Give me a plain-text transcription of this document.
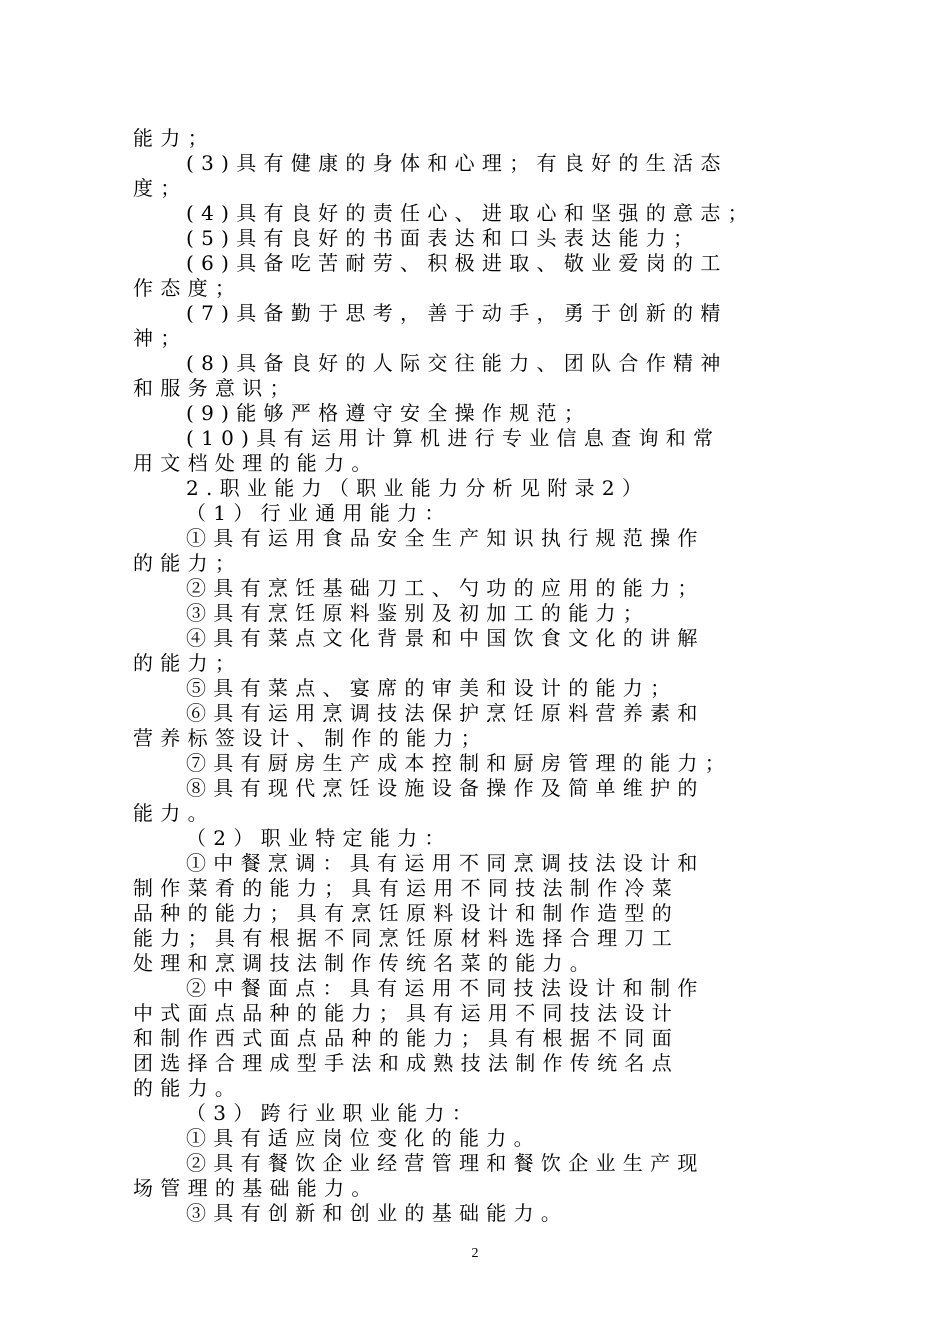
能力；
(3)具有健康的身体和心理；有良好的生活态
度；
(4)具有良好的责任心、进取心和坚强的意志；
(5)具有良好的书面表达和口头表达能力；
(6)具备吃苦耐劳、积极进取、敬业爱岗的工
作态度；
(7)具备勤于思考，善于动手，勇于创新的精
神；
(8)具备良好的人际交往能力、团队合作精神
和服务意识；
(9)能够严格遵守安全操作规范；
(10)具有运用计算机进行专业信息查询和常
用文档处理的能力。
2.职业能力（职业能力分析见附录2）
（1）行业通用能力：
①具有运用食品安全生产知识执行规范操作
的能力；
②具有烹饪基础刀工、勺功的应用的能力；
③具有烹饪原料鉴别及初加工的能力；
④具有菜点文化背景和中国饮食文化的讲解
的能力；
⑤具有菜点、宴席的审美和设计的能力；
⑥具有运用烹调技法保护烹饪原料营养素和
营养标签设计、制作的能力；
⑦具有厨房生产成本控制和厨房管理的能力；
⑧具有现代烹饪设施设备操作及简单维护的
能力。
（2）职业特定能力：
①中餐烹调：具有运用不同烹调技法设计和
制作菜肴的能力；具有运用不同技法制作冷菜
品种的能力；具有烹饪原料设计和制作造型的
能力；具有根据不同烹饪原材料选择合理刀工
处理和烹调技法制作传统名菜的能力。
②中餐面点：具有运用不同技法设计和制作
中式面点品种的能力；具有运用不同技法设计
和制作西式面点品种的能力；具有根据不同面
团选择合理成型手法和成熟技法制作传统名点
的能力。
（3）跨行业职业能力：
①具有适应岗位变化的能力。
②具有餐饮企业经营管理和餐饮企业生产现
场管理的基础能力。
③具有创新和创业的基础能力。
2
